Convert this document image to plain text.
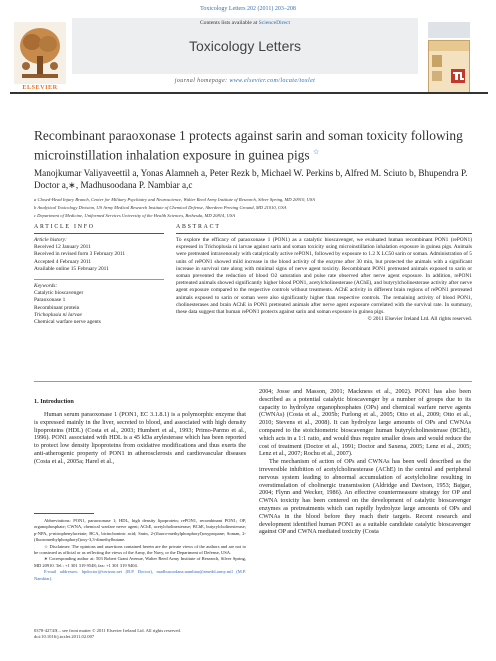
Toxicology Letters 202 (2011) 203–208
Contents lists available at ScienceDirect
Toxicology Letters
journal homepage: www.elsevier.com/locate/toxlet
ELSEVIER
Recombinant paraoxonase 1 protects against sarin and soman toxicity following microinstillation inhalation exposure in guinea pigs ☆
Manojkumar Valiyaveettil a, Yonas Alamneh a, Peter Rezk b, Michael W. Perkins b, Alfred M. Sciuto b, Bhupendra P. Doctor a,∗, Madhusoodana P. Nambiar a,c
a Closed-Head Injury Branch, Center for Military Psychiatry and Neuroscience, Walter Reed Army Institute of Research, Silver Spring, MD 20910, USA
b Analytical Toxicology Division, US Army Medical Research Institute of Chemical Defense, Aberdeen Proving Ground, MD 21010, USA
c Department of Medicine, Uniformed Services University of the Health Sciences, Bethesda, MD 20814, USA
ARTICLE INFO
Article history:
Received 12 January 2011
Received in revised form 3 February 2011
Accepted 4 February 2011
Available online 15 February 2011
Keywords:
Catalytic bioscavenger
Paraoxonase 1
Recombinant protein
Trichoplusia ni larvae
Chemical warfare nerve agents
ABSTRACT

To explore the efficacy of paraoxonase 1 (PON1) as a catalytic bioscavenger, we evaluated human recombinant PON1 (rePON1) expressed in Trichoplusia ni larvae against sarin and soman toxicity using microinstillation inhalation exposure in guinea pigs. Animals were pretreated intravenously with catalytically active rePON1, followed by exposure to 1.2 X LC50 sarin or soman. Administration of 5 units of rePON1 showed mild increase in the blood activity of the enzyme after 30 min, but protected the animals with a significant increase in survival rate along with minimal signs of nerve agent toxicity. Recombinant PON1 pretreated animals exposed to sarin or soman prevented the reduction of blood O2 saturation and pulse rate observed after nerve agent exposure. In addition, rePON1 pretreated animals showed significantly higher blood PON1, acetylcholinesterase (AChE), and butyrylcholinesterase activity after nerve agent exposure compared to the respective controls without treatments. AChE activity in different brain regions of rePON1 pretreated animals exposed to sarin or soman were also significantly higher than respective controls. The remaining activity of blood PON1, cholinesterases and brain AChE in PON1 pretreated animals after nerve agent exposure correlated with the survival rate. In summary, these data suggest that human rePON1 protects against sarin and soman exposure in guinea pigs.

© 2011 Elsevier Ireland Ltd. All rights reserved.

1. Introduction

Human serum paraoxonase 1 (PON1, EC 3.1.8.1) is a polymorphic enzyme that is expressed mainly in the liver, secreted to blood, and associated with high density lipoproteins (HDL) (Costa et al., 2003; Humbert et al., 1993; Primo-Parmo et al., 1996). PON1 associated with HDL is a 45 kDa arylesterase which has been reported to protect low density lipoproteins from oxidative modifications and thus exerts the anti-atherogenic property of PON1 in atherosclerosis and cardiovascular diseases (Costa et al., 2005a; Harel et al.,

2004; Josse and Masson, 2001; Mackness et al., 2002). PON1 has also been described as a potential catalytic bioscavenger by a number of groups due to its capacity to hydrolyze organophosphates (OPs) and chemical warfare nerve agents (CWNAs) (Costa et al., 2005b; Furlong et al., 2005; Otto et al., 2009; Otto et al., 2010; Stevens et al., 2008). It can hydrolyze large amounts of OPs and CWNAs compared to the stoichiometric bioscavenger human butyrylcholinesterase (BChE), which acts in a 1:1 ratio, and would thus require smaller doses and would reduce the cost of treatment (Doctor et al., 1991; Doctor and Saxena, 2005; Lenz et al., 2005; Lenz et al., 2007; Rochu et al., 2007).

The mechanism of action of OPs and CWNAs has been well described as the irreversible inhibition of acetylcholinesterase (AChE) in the central and peripheral nervous system leading to abnormal accumulation of acetylcholine resulting in overstimulation of cholinergic transmission (Aldridge and Davison, 1953; Bajgar, 2004; Flynn and Wecker, 1986). An effective countermeasure strategy for OP and CWNA toxicity has been centered on the development of catalytic bioscavenger enzymes as pretreatments which can rapidly hydrolyze large amounts of OPs and CWNAs in the blood before they reach their targets. Recent research and development identified human PON1 as a suitable candidate catalytic bioscavenger against OP and CWNA mediated toxicity (Costa

Abbreviations: PON1, paraoxonase 1; HDL, high density lipoprotein; rePON1, recombinant PON1; OP, organophosphate; CWNA, chemical warfare nerve agent; AChE, acetylcholinesterase; BChE, butyrylcholinesterase; p-NPA, p-nitrophenylacetate; BCA, bicinchoninic acid; Sarin, 2-(fluoro-methylphosphoryl)oxypropane; Soman, 2-(fluoromethylphosphoryl)oxy-3,3-dimethylbutane.

☆ Disclaimer: The opinions and assertions contained herein are the private views of the authors and are not to be construed as official or as reflecting the views of the Army, the Navy, or the Department of Defense, USA.

∗ Corresponding author at: 503 Robert Grant Avenue, Walter Reed Army Institute of Research, Silver Spring, MD 20910. Tel.: +1 301 319 9548; fax: +1 301 319 9404.

E-mail addresses: bpdoctor@verizon.net (B.P. Doctor), madhusoodana.nambiar@amedd.army.mil (M.P. Nambiar).

0378-4274/$ – see front matter © 2011 Elsevier Ireland Ltd. All rights reserved.
doi:10.1016/j.toxlet.2011.02.007
